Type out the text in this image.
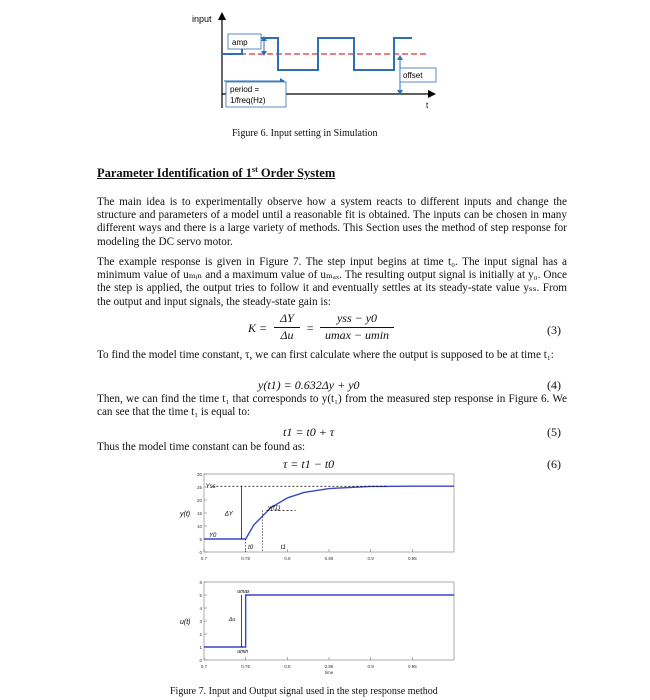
input
t
amp
offset
period =
1/freq(Hz)
Figure 6. Input setting in Simulation
Parameter Identification of 1st Order System
The main idea is to experimentally observe how a system reacts to different inputs and change the structure and parameters of a model until a reasonable fit is obtained. The inputs can be chosen in many different ways and there is a large variety of methods. This Section uses the method of step response for modeling the DC servo motor.
The example response is given in Figure 7. The step input begins at time t₀. The input signal has a minimum value of uₘᵢₙ and a maximum value of uₘₐₓ. The resulting output signal is initially at y₀. Once the step is applied, the output tries to follow it and eventually settles at its steady-state value yₛₛ. From the output and input signals, the steady-state gain is:
K =
ΔY
Δu	=
yss − y0
umax − umin	(3)
To find the model time constant, τ, we can first calculate where the output is supposed to be at time t₁:
y(t1) = 0.632Δy + y0	(4)
Then, we can find the time t₁ that corresponds to y(t₁) from the measured step response in Figure 6. We can see that the time t₁ is equal to:
t1 = t0 + τ	(5)
Thus the model time constant can be found as:
τ = t1 − t0	(6)
0.7	0.75	0.8	0.85	0.9	0.95
0
5
10
15
20
25
30
y(t)
Yss
y(t1)
ΔY
Y0
t0	t1
0.7	0.75	0.8	0.85	0.9	0.95
0
1
2
3
4
5
6
time
u(t)
umax
Δu
umin
Figure 7. Input and Output signal used in the step response method
